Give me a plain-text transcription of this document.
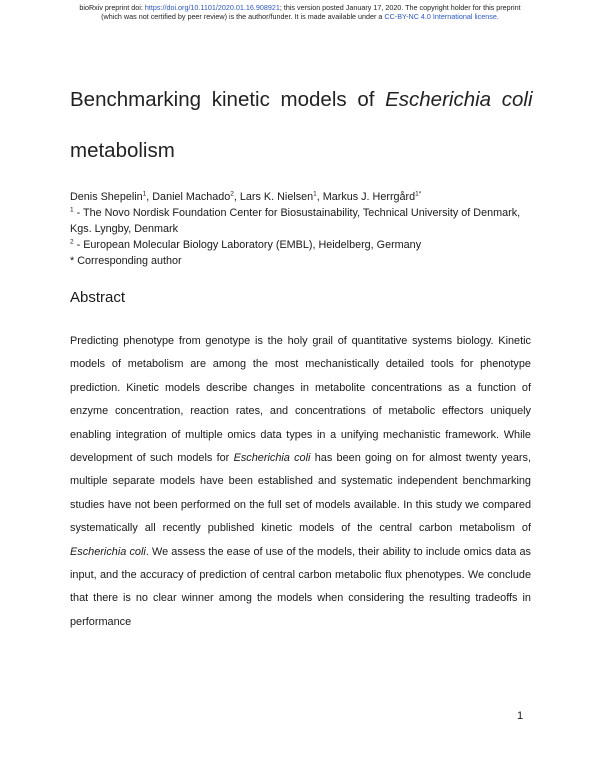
bioRxiv preprint doi: https://doi.org/10.1101/2020.01.16.908921; this version posted January 17, 2020. The copyright holder for this preprint
(which was not certified by peer review) is the author/funder. It is made available under a CC-BY-NC 4.0 International license.
Benchmarking kinetic models of Escherichia coli
metabolism

Denis Shepelin$^1$, Daniel Machado$^2$, Lars K. Nielsen$^1$, Markus J. Herrgård$^{1*}$

$^1$ - The Novo Nordisk Foundation Center for Biosustainability, Technical University of Denmark, Kgs. Lyngby, Denmark

$^2$ - European Molecular Biology Laboratory (EMBL), Heidelberg, Germany

* Corresponding author

Abstract

Predicting phenotype from genotype is the holy grail of quantitative systems biology. Kinetic models of metabolism are among the most mechanistically detailed tools for phenotype prediction. Kinetic models describe changes in metabolite concentrations as a function of enzyme concentration, reaction rates, and concentrations of metabolic effectors uniquely enabling integration of multiple omics data types in a unifying mechanistic framework. While development of such models for Escherichia coli has been going on for almost twenty years, multiple separate models have been established and systematic independent benchmarking studies have not been performed on the full set of models available. In this study we compared systematically all recently published kinetic models of the central carbon metabolism of Escherichia coli. We assess the ease of use of the models, their ability to include omics data as input, and the accuracy of prediction of central carbon metabolic flux phenotypes. We conclude that there is no clear winner among the models when considering the resulting tradeoffs in performance

1
